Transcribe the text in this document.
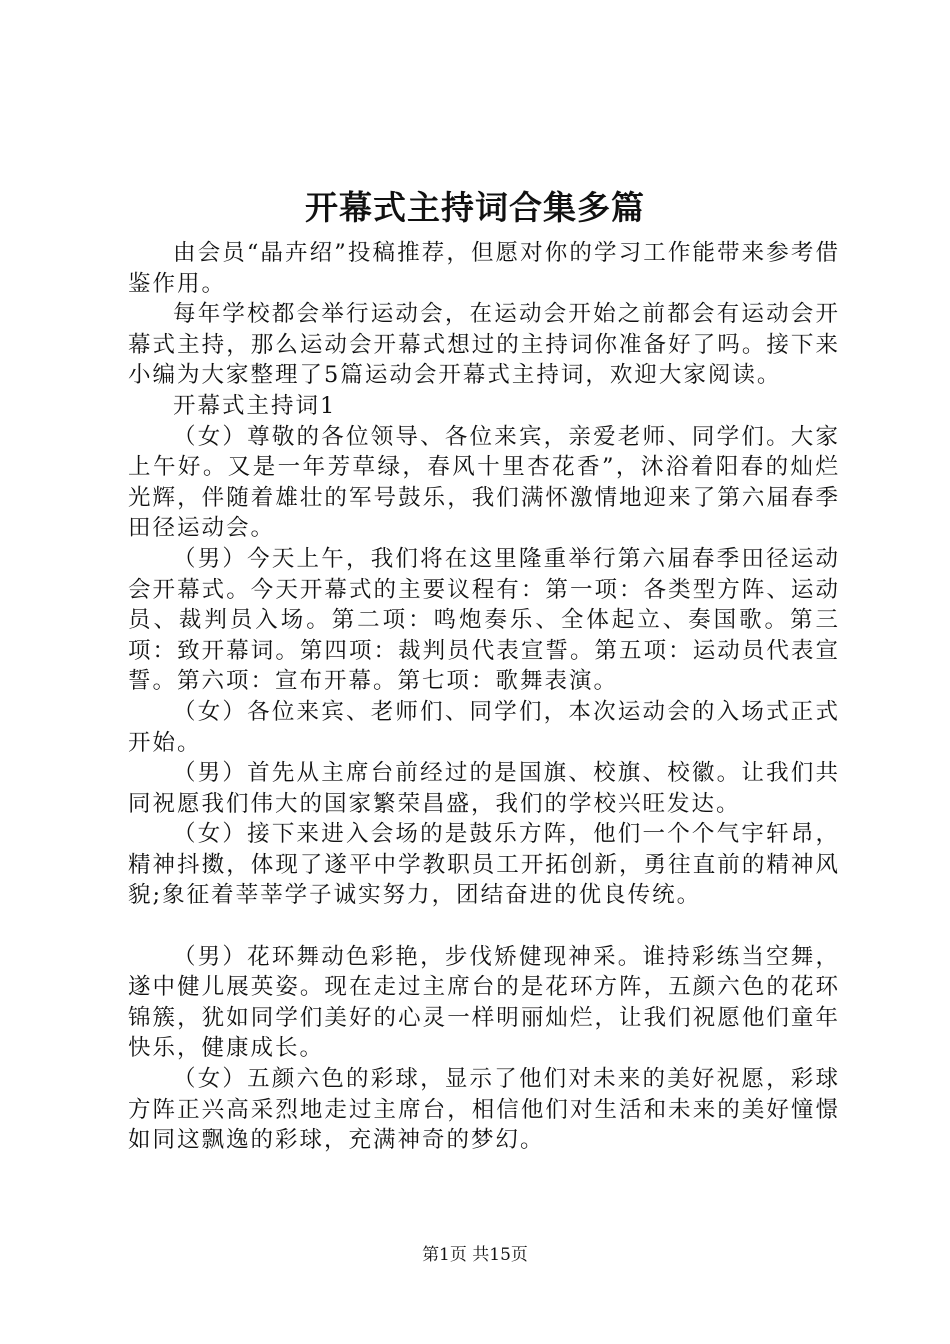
开幕式主持词合集多篇

由会员“晶卉绍”投稿推荐，但愿对你的学习工作能带来参考借鉴作用。

每年学校都会举行运动会，在运动会开始之前都会有运动会开幕式主持，那么运动会开幕式想过的主持词你准备好了吗。接下来小编为大家整理了5篇运动会开幕式主持词，欢迎大家阅读。

开幕式主持词1

（女）尊敬的各位领导、各位来宾，亲爱老师、同学们。大家上午好。又是一年芳草绿，春风十里杏花香”，沐浴着阳春的灿烂光辉，伴随着雄壮的军号鼓乐，我们满怀激情地迎来了第六届春季田径运动会。

（男）今天上午，我们将在这里隆重举行第六届春季田径运动会开幕式。今天开幕式的主要议程有：第一项：各类型方阵、运动员、裁判员入场。第二项：鸣炮奏乐、全体起立、奏国歌。第三项：致开幕词。第四项：裁判员代表宣誓。第五项：运动员代表宣誓。第六项：宣布开幕。第七项：歌舞表演。

（女）各位来宾、老师们、同学们，本次运动会的入场式正式开始。

（男）首先从主席台前经过的是国旗、校旗、校徽。让我们共同祝愿我们伟大的国家繁荣昌盛，我们的学校兴旺发达。

（女）接下来进入会场的是鼓乐方阵，他们一个个气宇轩昂，精神抖擞，体现了遂平中学教职员工开拓创新，勇往直前的精神风貌;象征着莘莘学子诚实努力，团结奋进的优良传统。

（男）花环舞动色彩艳，步伐矫健现神采。谁持彩练当空舞，遂中健儿展英姿。现在走过主席台的是花环方阵，五颜六色的花环锦簇，犹如同学们美好的心灵一样明丽灿烂，让我们祝愿他们童年快乐，健康成长。

（女）五颜六色的彩球，显示了他们对未来的美好祝愿，彩球方阵正兴高采烈地走过主席台，相信他们对生活和未来的美好憧憬如同这飘逸的彩球，充满神奇的梦幻。

第1页 共15页
